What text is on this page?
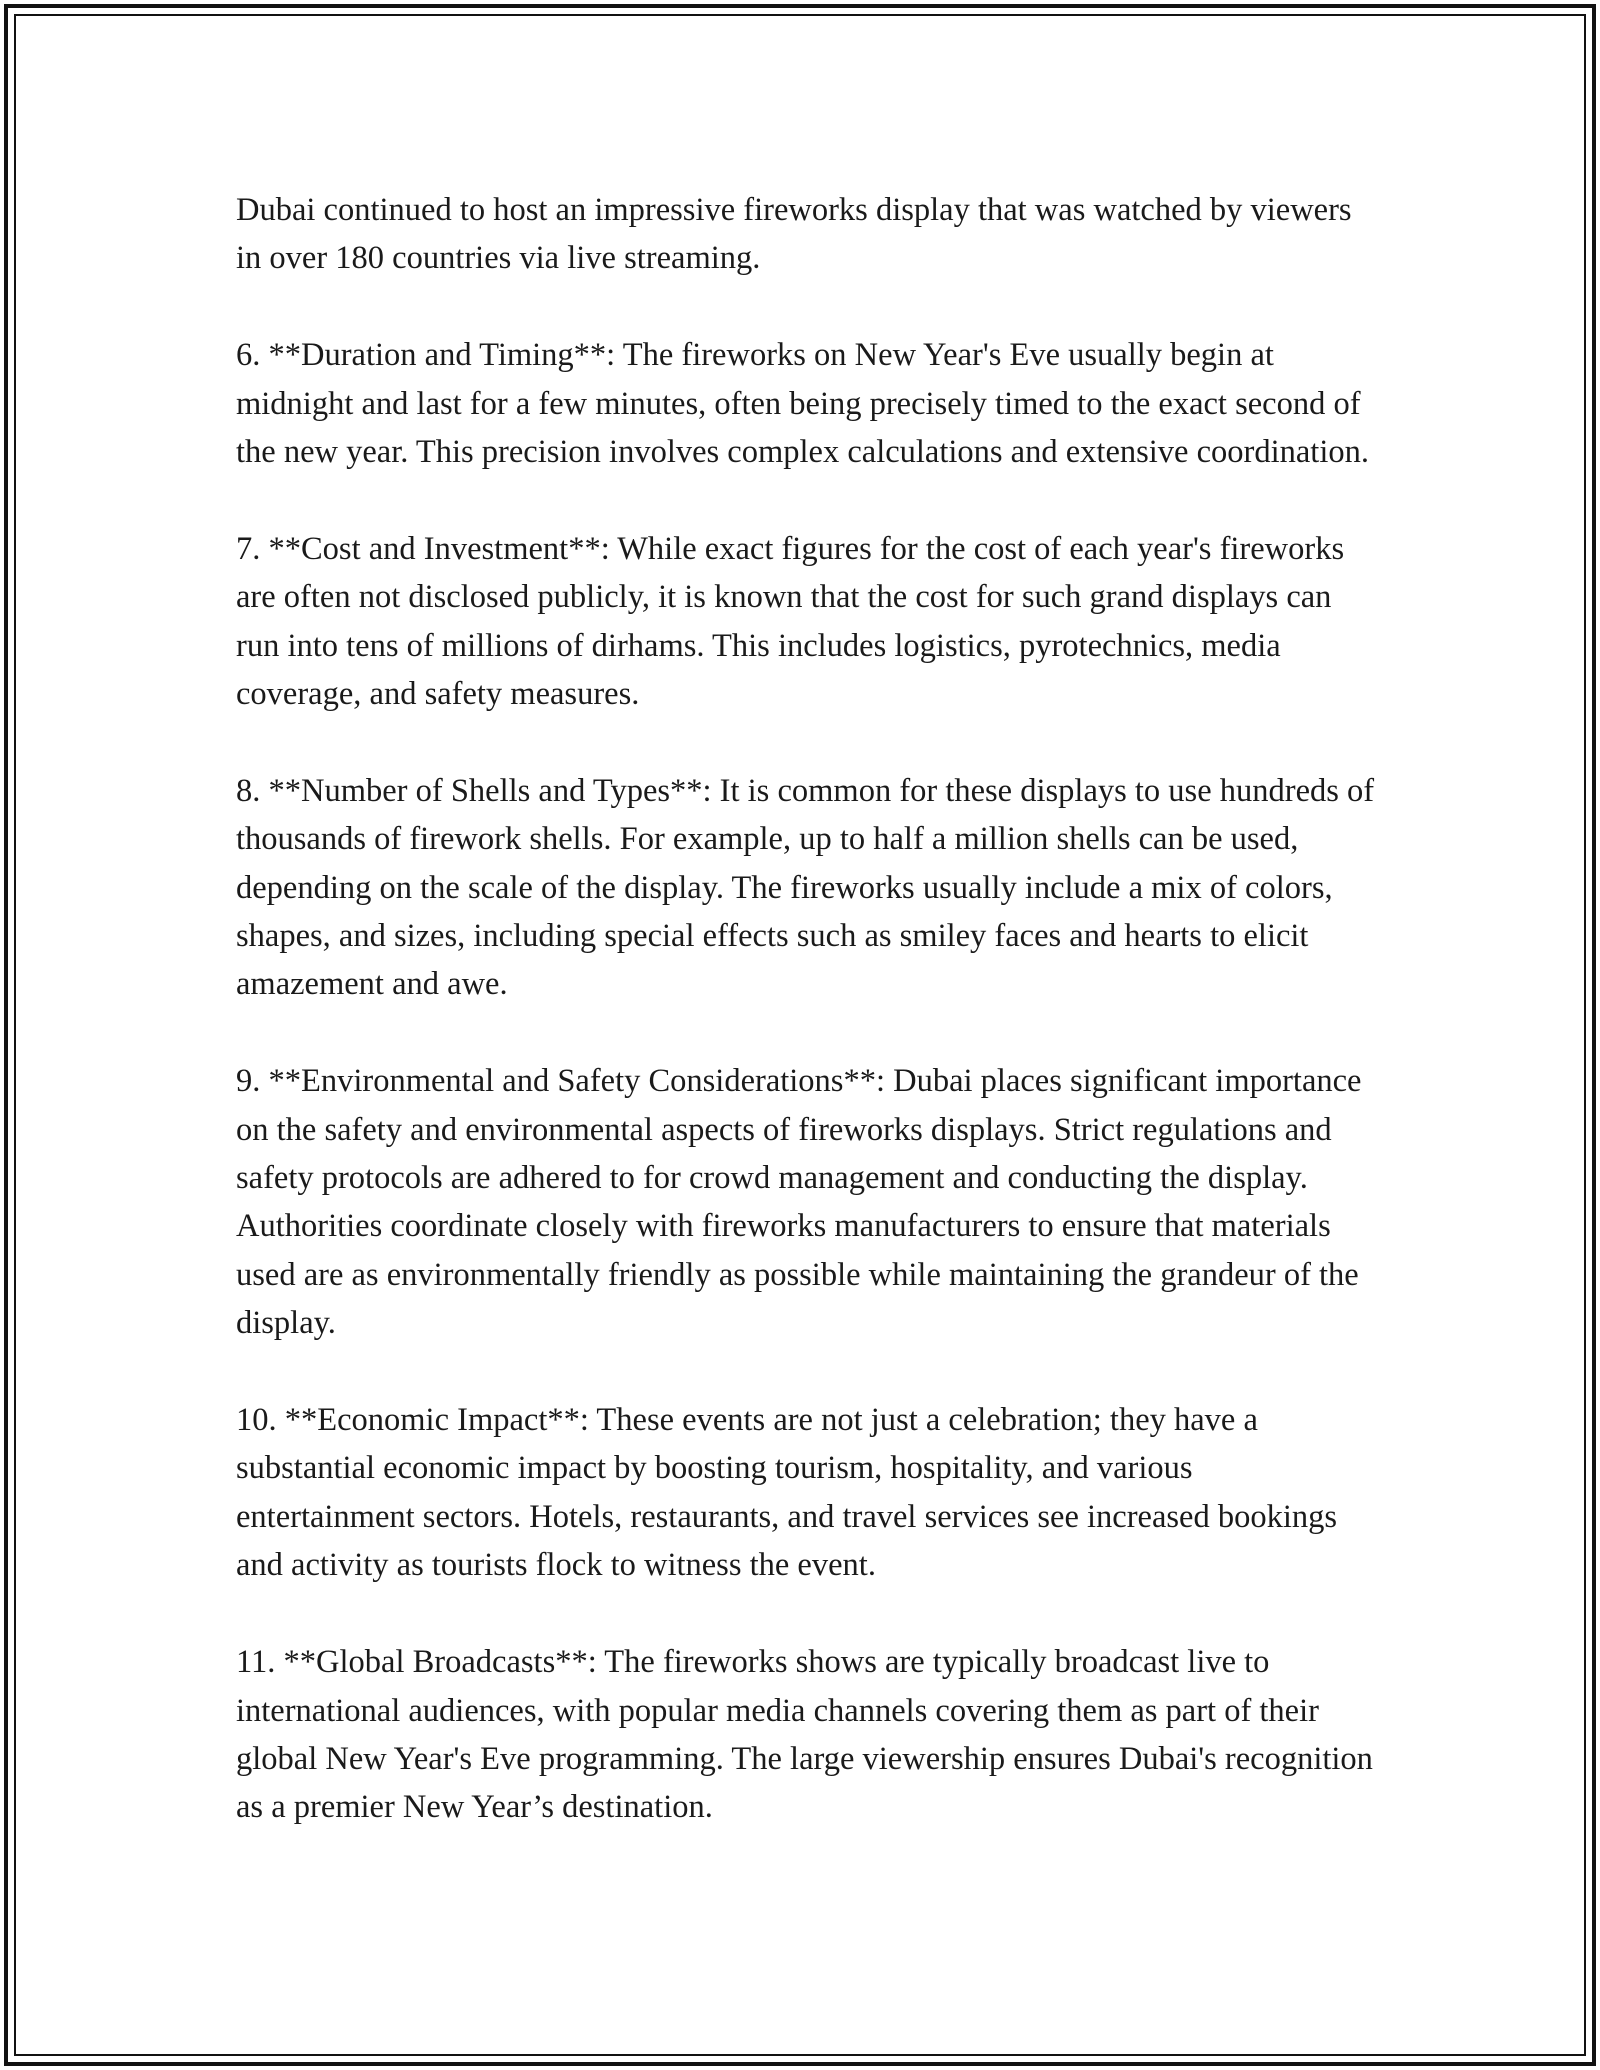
Dubai continued to host an impressive fireworks display that was watched by viewers in over 180 countries via live streaming.

6. **Duration and Timing**: The fireworks on New Year's Eve usually begin at midnight and last for a few minutes, often being precisely timed to the exact second of the new year. This precision involves complex calculations and extensive coordination.

7. **Cost and Investment**: While exact figures for the cost of each year's fireworks are often not disclosed publicly, it is known that the cost for such grand displays can run into tens of millions of dirhams. This includes logistics, pyrotechnics, media coverage, and safety measures.

8. **Number of Shells and Types**: It is common for these displays to use hundreds of thousands of firework shells. For example, up to half a million shells can be used, depending on the scale of the display. The fireworks usually include a mix of colors, shapes, and sizes, including special effects such as smiley faces and hearts to elicit amazement and awe.

9. **Environmental and Safety Considerations**: Dubai places significant importance on the safety and environmental aspects of fireworks displays. Strict regulations and safety protocols are adhered to for crowd management and conducting the display. Authorities coordinate closely with fireworks manufacturers to ensure that materials used are as environmentally friendly as possible while maintaining the grandeur of the display.

10. **Economic Impact**: These events are not just a celebration; they have a substantial economic impact by boosting tourism, hospitality, and various entertainment sectors. Hotels, restaurants, and travel services see increased bookings and activity as tourists flock to witness the event.

11. **Global Broadcasts**: The fireworks shows are typically broadcast live to international audiences, with popular media channels covering them as part of their global New Year's Eve programming. The large viewership ensures Dubai's recognition as a premier New Year’s destination.
